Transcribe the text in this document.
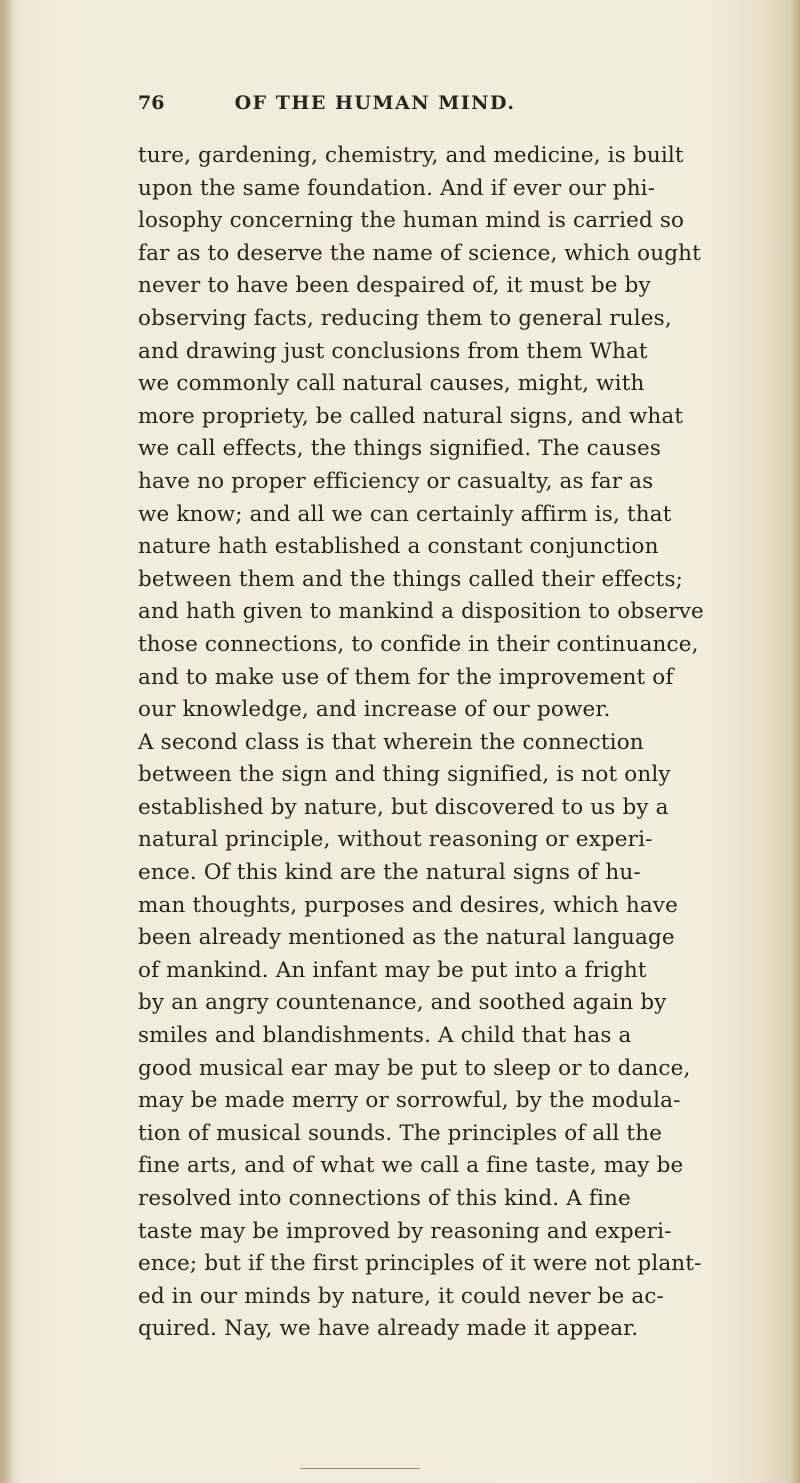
76	OF THE HUMAN MIND.
ture, gardening, chemistry, and medicine, is built
upon the same foundation. And if ever our phi-
losophy concerning the human mind is carried so
far as to deserve the name of science, which ought
never to have been despaired of, it must be by
observing facts, reducing them to general rules,
and drawing just conclusions from them What
we commonly call natural causes, might, with
more propriety, be called natural signs, and what
we call effects, the things signified. The causes
have no proper efficiency or casualty, as far as
we know; and all we can certainly affirm is, that
nature hath established a constant conjunction
between them and the things called their effects;
and hath given to mankind a disposition to observe
those connections, to confide in their continuance,
and to make use of them for the improvement of
our knowledge, and increase of our power.
A second class is that wherein the connection
between the sign and thing signified, is not only
established by nature, but discovered to us by a
natural principle, without reasoning or experi-
ence. Of this kind are the natural signs of hu-
man thoughts, purposes and desires, which have
been already mentioned as the natural language
of mankind. An infant may be put into a fright
by an angry countenance, and soothed again by
smiles and blandishments. A child that has a
good musical ear may be put to sleep or to dance,
may be made merry or sorrowful, by the modula-
tion of musical sounds. The principles of all the
fine arts, and of what we call a fine taste, may be
resolved into connections of this kind. A fine
taste may be improved by reasoning and experi-
ence; but if the first principles of it were not plant-
ed in our minds by nature, it could never be ac-
quired. Nay, we have already made it appear.
